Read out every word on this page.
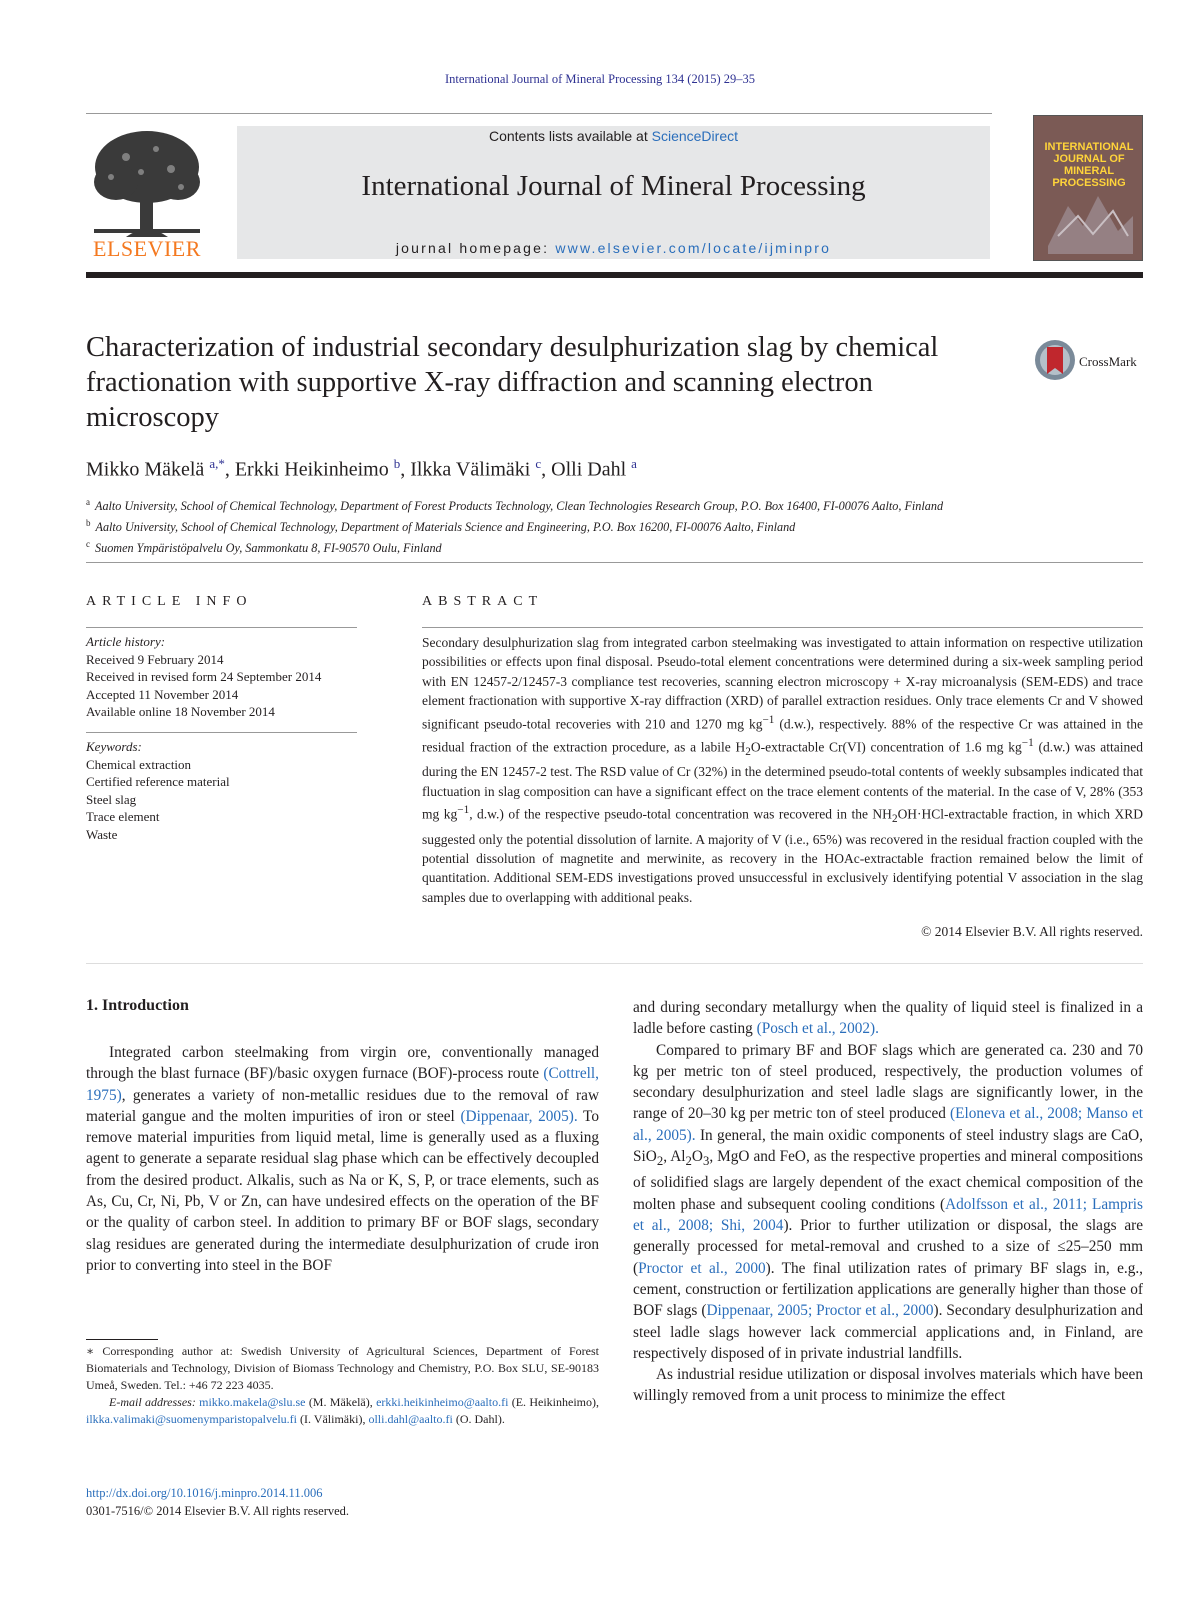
International Journal of Mineral Processing 134 (2015) 29–35
ELSEVIER
Contents lists available at ScienceDirect
International Journal of Mineral Processing
journal homepage: www.elsevier.com/locate/ijminpro
INTERNATIONAL JOURNAL OF MINERAL PROCESSING
Characterization of industrial secondary desulphurization slag by chemical fractionation with supportive X-ray diffraction and scanning electron microscopy
CrossMark
Mikko Mäkelä $^{a,*}$, Erkki Heikinheimo $^b$, Ilkka Välimäki $^c$, Olli Dahl $^a$
$^a$ Aalto University, School of Chemical Technology, Department of Forest Products Technology, Clean Technologies Research Group, P.O. Box 16400, FI-00076 Aalto, Finland
$^b$ Aalto University, School of Chemical Technology, Department of Materials Science and Engineering, P.O. Box 16200, FI-00076 Aalto, Finland
$^c$ Suomen Ympäristöpalvelu Oy, Sammonkatu 8, FI-90570 Oulu, Finland
ARTICLE INFO
Article history:
Received 9 February 2014
Received in revised form 24 September 2014
Accepted 11 November 2014
Available online 18 November 2014
Keywords:
Chemical extraction
Certified reference material
Steel slag
Trace element
Waste
ABSTRACT
Secondary desulphurization slag from integrated carbon steelmaking was investigated to attain information on respective utilization possibilities or effects upon final disposal. Pseudo-total element concentrations were determined during a six-week sampling period with EN 12457-2/12457-3 compliance test recoveries, scanning electron microscopy + X-ray microanalysis (SEM-EDS) and trace element fractionation with supportive X-ray diffraction (XRD) of parallel extraction residues. Only trace elements Cr and V showed significant pseudo-total recoveries with 210 and 1270 mg $kg^{-1}$ (d.w.), respectively. 88% of the respective Cr was attained in the residual fraction of the extraction procedure, as a labile $H_2O$-extractable Cr(VI) concentration of 1.6 mg $kg^{-1}$ (d.w.) was attained during the EN 12457-2 test. The RSD value of Cr (32%) in the determined pseudo-total contents of weekly subsamples indicated that fluctuation in slag composition can have a significant effect on the trace element contents of the material. In the case of V, 28% (353 mg $kg^{-1}$, d.w.) of the respective pseudo-total concentration was recovered in the $NH_2OH\cdot HCl$-extractable fraction, in which XRD suggested only the potential dissolution of larnite. A majority of V (i.e., 65%) was recovered in the residual fraction coupled with the potential dissolution of magnetite and merwinite, as recovery in the HOAc-extractable fraction remained below the limit of quantitation. Additional SEM-EDS investigations proved unsuccessful in exclusively identifying potential V association in the slag samples due to overlapping with additional peaks.
© 2014 Elsevier B.V. All rights reserved.
1. Introduction

Integrated carbon steelmaking from virgin ore, conventionally managed through the blast furnace (BF)/basic oxygen furnace (BOF)-process route (Cottrell, 1975), generates a variety of non-metallic residues due to the removal of raw material gangue and the molten impurities of iron or steel (Dippenaar, 2005). To remove material impurities from liquid metal, lime is generally used as a fluxing agent to generate a separate residual slag phase which can be effectively decoupled from the desired product. Alkalis, such as Na or K, S, P, or trace elements, such as As, Cu, Cr, Ni, Pb, V or Zn, can have undesired effects on the operation of the BF or the quality of carbon steel. In addition to primary BF or BOF slags, secondary slag residues are generated during the intermediate desulphurization of crude iron prior to converting into steel in the BOF

and during secondary metallurgy when the quality of liquid steel is finalized in a ladle before casting (Posch et al., 2002).

Compared to primary BF and BOF slags which are generated ca. 230 and 70 kg per metric ton of steel produced, respectively, the production volumes of secondary desulphurization and steel ladle slags are significantly lower, in the range of 20–30 kg per metric ton of steel produced (Eloneva et al., 2008; Manso et al., 2005). In general, the main oxidic components of steel industry slags are CaO, SiO$_2$, $Al_2O_3$, MgO and FeO, as the respective properties and mineral compositions of solidified slags are largely dependent of the exact chemical composition of the molten phase and subsequent cooling conditions (Adolfsson et al., 2011; Lampris et al., 2008; Shi, 2004). Prior to further utilization or disposal, the slags are generally processed for metal-removal and crushed to a size of ≤25–250 mm (Proctor et al., 2000). The final utilization rates of primary BF slags in, e.g., cement, construction or fertilization applications are generally higher than those of BOF slags (Dippenaar, 2005; Proctor et al., 2000). Secondary desulphurization and steel ladle slags however lack commercial applications and, in Finland, are respectively disposed of in private industrial landfills.

As industrial residue utilization or disposal involves materials which have been willingly removed from a unit process to minimize the effect

∗ Corresponding author at: Swedish University of Agricultural Sciences, Department of Forest Biomaterials and Technology, Division of Biomass Technology and Chemistry, P.O. Box SLU, SE-90183 Umeå, Sweden. Tel.: +46 72 223 4035.

E-mail addresses: mikko.makela@slu.se (M. Mäkelä), erkki.heikinheimo@aalto.fi (E. Heikinheimo), ilkka.valimaki@suomenymparistopalvelu.fi (I. Välimäki), olli.dahl@aalto.fi (O. Dahl).

http://dx.doi.org/10.1016/j.minpro.2014.11.006
0301-7516/© 2014 Elsevier B.V. All rights reserved.
